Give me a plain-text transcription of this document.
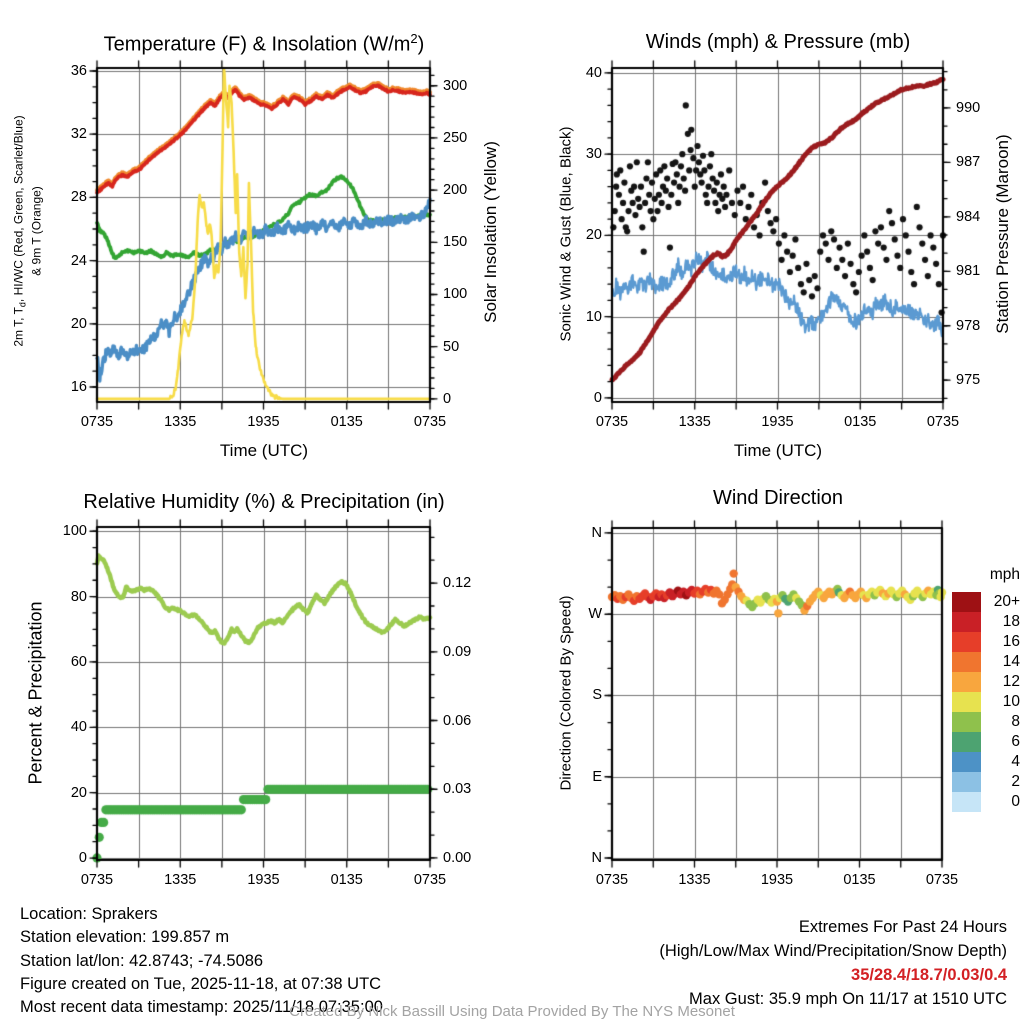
Temperature (F) & Insolation $(W/m^2)$	Winds (mph) & Pressure (mb)
Relative Humidity (%) & Precipitation (in)	Wind Direction
Time (UTC)	Time (UTC)
2m T, $T_d$, HI/WC (Red, Green, Scarlet/Blue) & 9m T (Orange)	Solar Insolation (Yellow)	Sonic Wind & Gust (Blue, Black)	Station Pressure (Maroon)
Percent & Precipitation	Direction (Colored By Speed)
0735	1335	1935	0135	0735
16
20
24
28
32
36
0
50
100
150
200
250
300
0735	1335	1935	0135	0735
0
10
20
30
40
975
978
981
984
987
990
0735	1335	1935	0135	0735
0
20
40
60
80
100
0.00
0.03
0.06
0.09
0.12
0735	1335	1935	0135	0735
N
W
S
E
N
20+
18
16
14
12
10
8
6
4
2
0
mph
Location: Sprakers
Station elevation: 199.857 m
Station lat/lon: 42.8743; -74.5086
Figure created on Tue, 2025-11-18, at 07:38 UTC
Most recent data timestamp: 2025/11/18 07:35:00
Extremes For Past 24 Hours
(High/Low/Max Wind/Precipitation/Snow Depth)
35/28.4/18.7/0.03/0.4
Max Gust: 35.9 mph On 11/17 at 1510 UTC
Created By Nick Bassill Using Data Provided By The NYS Mesonet
